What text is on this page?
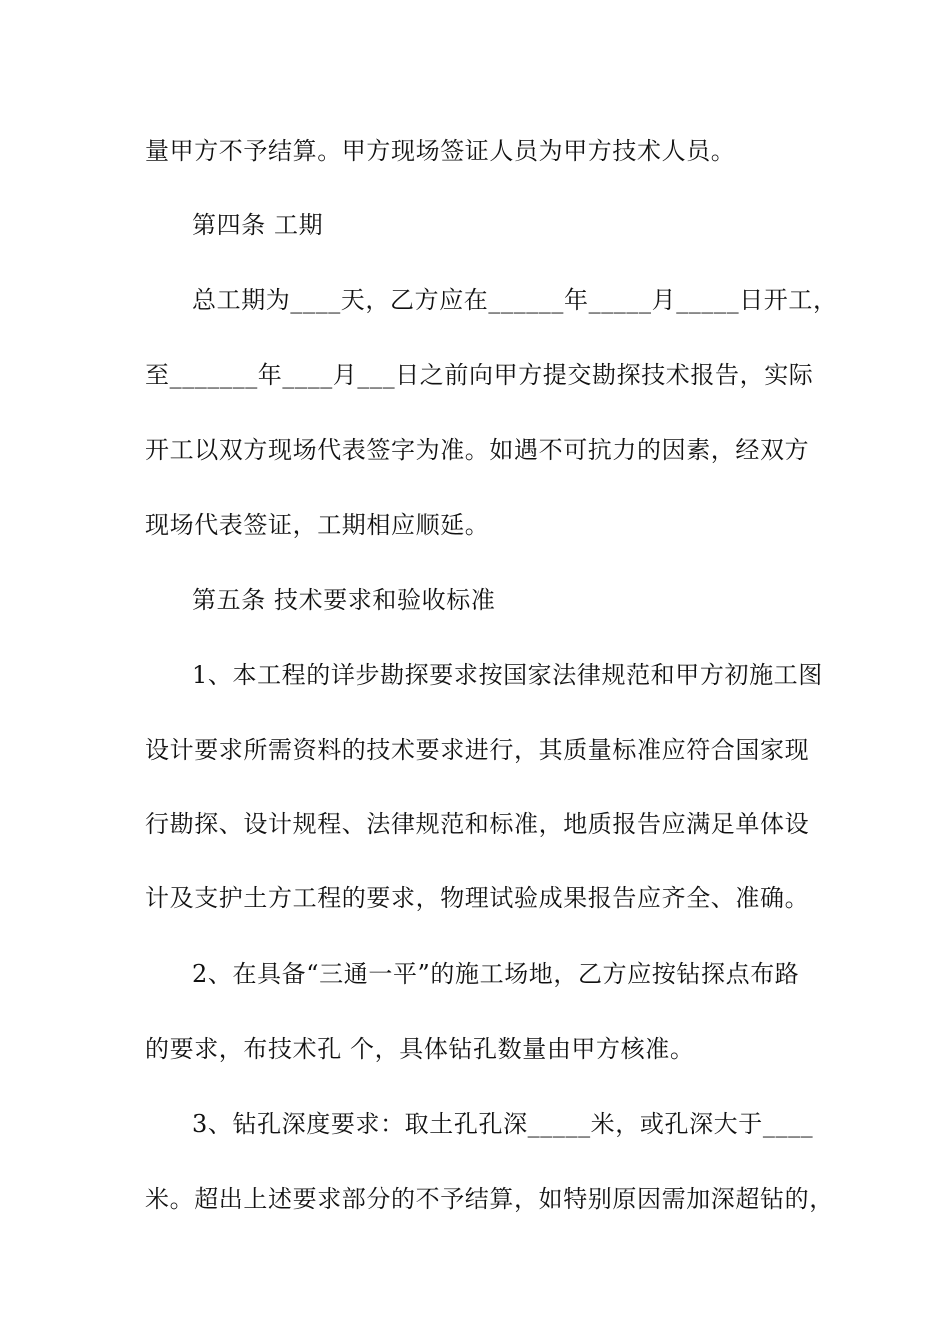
量甲方不予结算。甲方现场签证人员为甲方技术人员。
第四条 工期
总工期为____天，乙方应在______年_____月_____日开工，
至_______年____月___日之前向甲方提交勘探技术报告，实际
开工以双方现场代表签字为准。如遇不可抗力的因素，经双方
现场代表签证，工期相应顺延。
第五条 技术要求和验收标准
1、本工程的详步勘探要求按国家法律规范和甲方初施工图
设计要求所需资料的技术要求进行，其质量标准应符合国家现
行勘探、设计规程、法律规范和标准，地质报告应满足单体设
计及支护土方工程的要求，物理试验成果报告应齐全、准确。
2、在具备“三通一平”的施工场地，乙方应按钻探点布路
的要求，布技术孔 个，具体钻孔数量由甲方核准。
3、钻孔深度要求：取土孔孔深_____米，或孔深大于____
米。超出上述要求部分的不予结算，如特别原因需加深超钻的，
